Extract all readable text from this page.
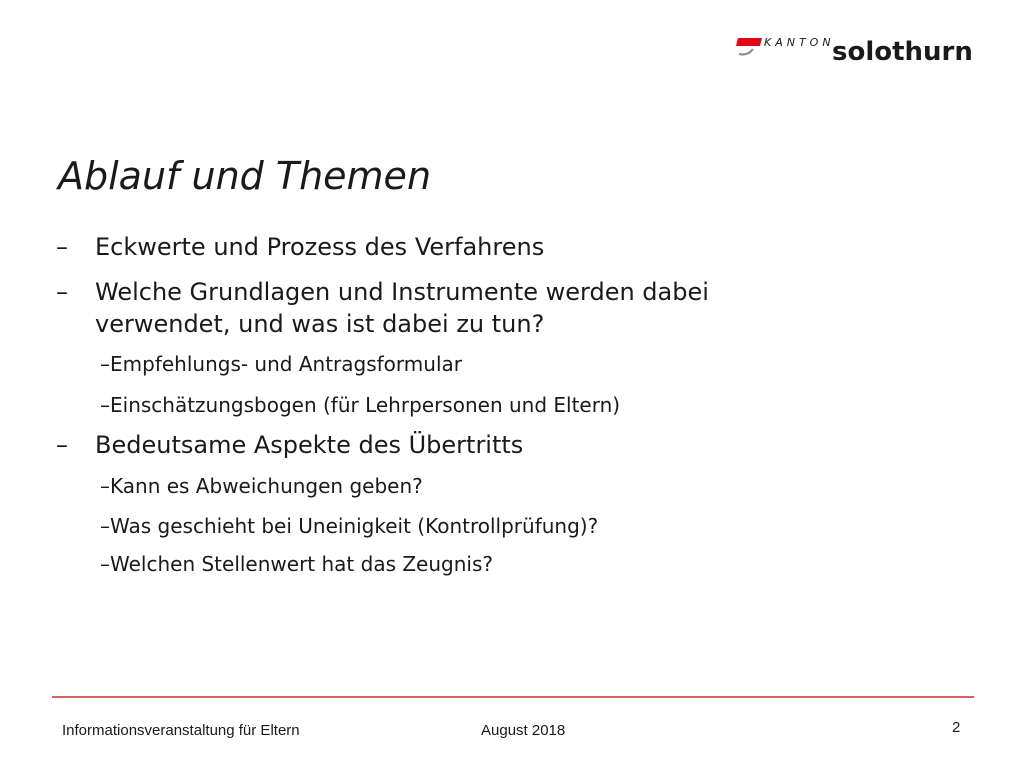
KANTON
solothurn
Ablauf und Themen
– Eckwerte und Prozess des Verfahrens
– Welche Grundlagen und Instrumente werden dabei
verwendet, und was ist dabei zu tun?
–Empfehlungs- und Antragsformular
–Einschätzungsbogen (für Lehrpersonen und Eltern)
– Bedeutsame Aspekte des Übertritts
–Kann es Abweichungen geben?
–Was geschieht bei Uneinigkeit (Kontrollprüfung)?
–Welchen Stellenwert hat das Zeugnis?
Informationsveranstaltung für Eltern	August 2018	2
